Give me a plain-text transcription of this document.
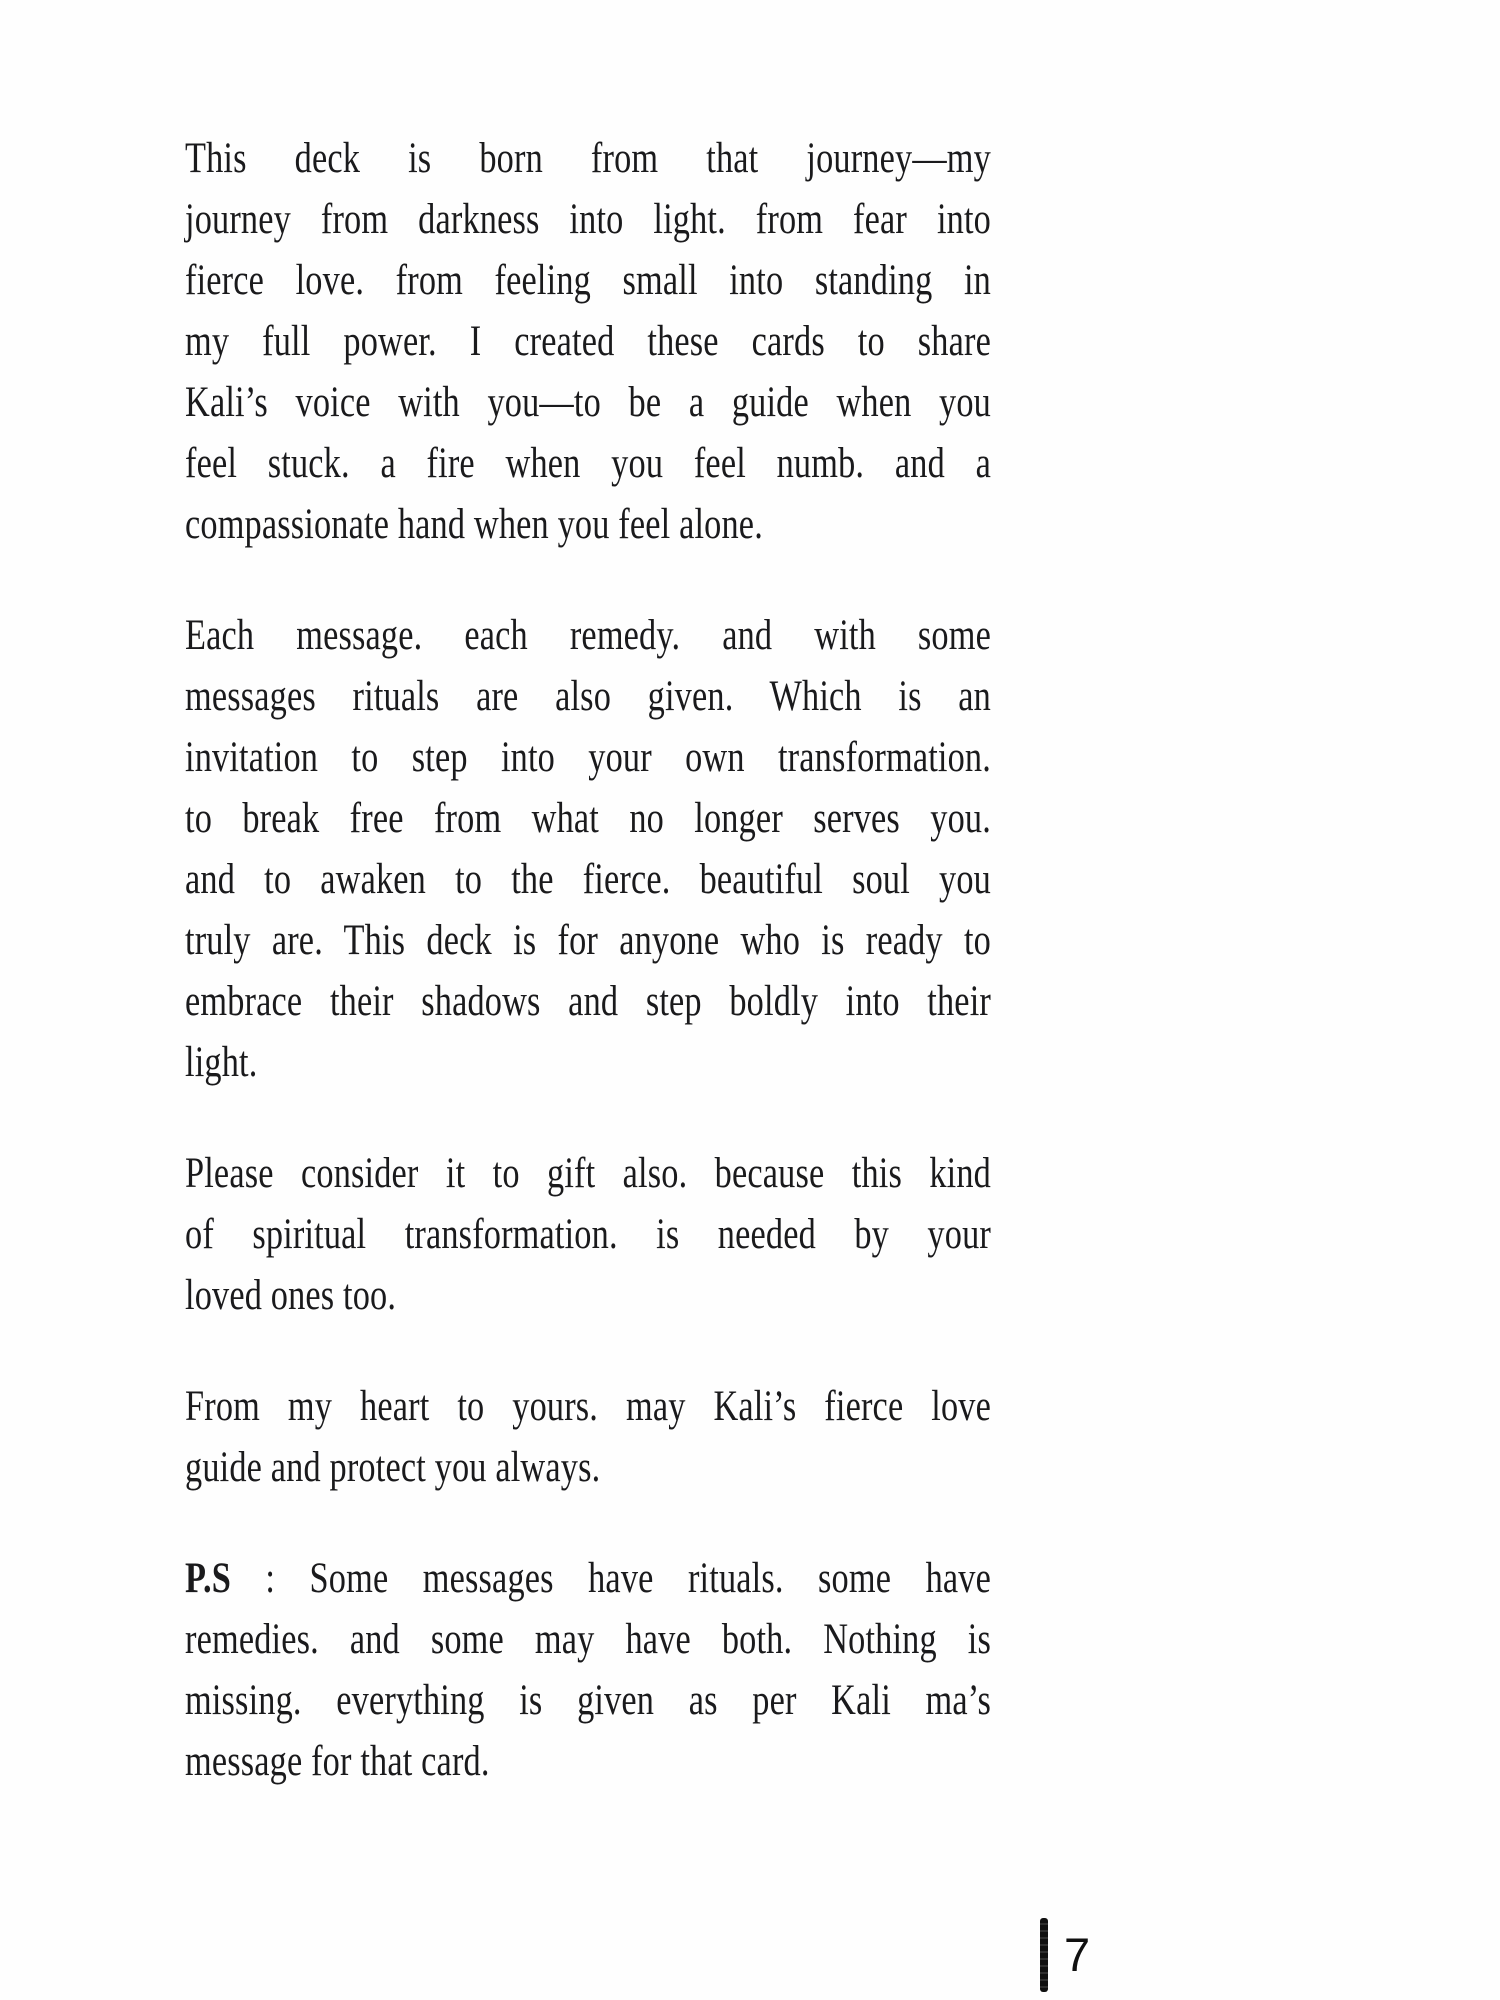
This deck is born from that journey—my
journey from darkness into light. from fear into
fierce love. from feeling small into standing in
my full power. I created these cards to share
Kali’s voice with you—to be a guide when you
feel stuck. a fire when you feel numb. and a
compassionate hand when you feel alone.

Each message. each remedy. and with some
messages rituals are also given. Which is an
invitation to step into your own transformation.
to break free from what no longer serves you.
and to awaken to the fierce. beautiful soul you
truly are. This deck is for anyone who is ready to
embrace their shadows and step boldly into their
light.

Please consider it to gift also. because this kind
of spiritual transformation. is needed by your
loved ones too.

From my heart to yours. may Kali’s fierce love
guide and protect you always.

P.S : Some messages have rituals. some have
remedies. and some may have both. Nothing is
missing. everything is given as per Kali ma’s
message for that card.

7
